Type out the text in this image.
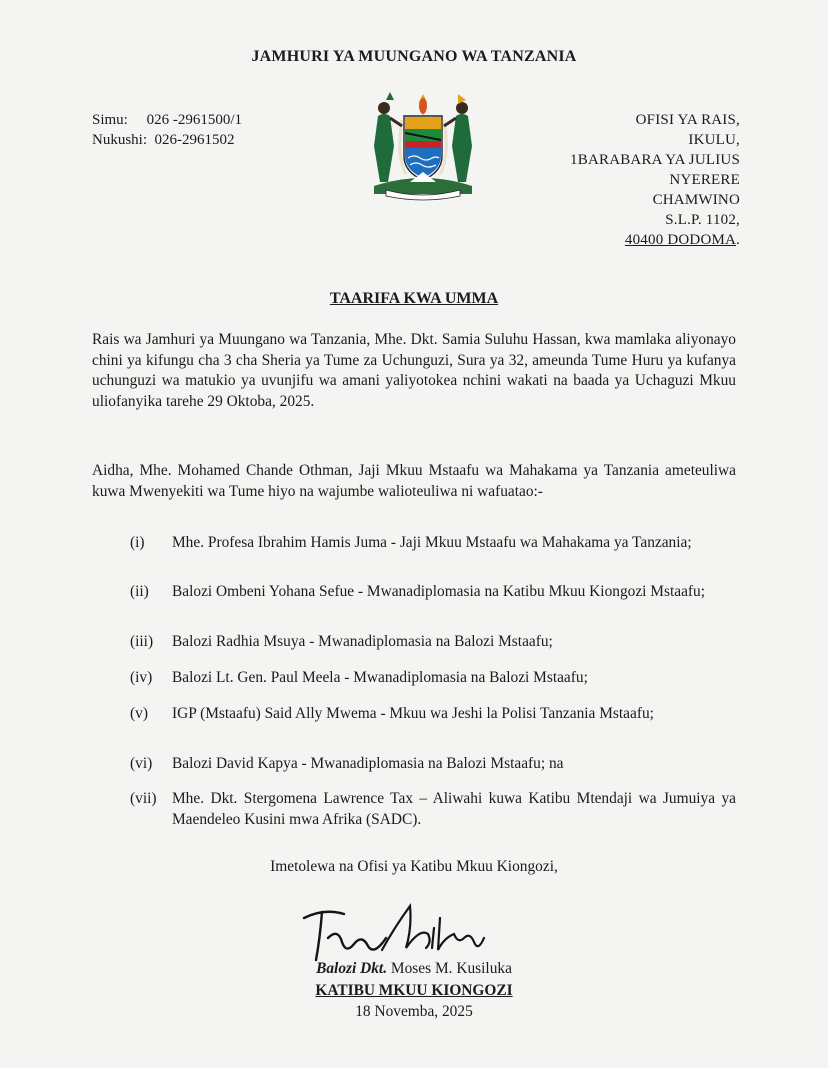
JAMHURI YA MUUNGANO WA TANZANIA
Simu: 026 -2961500/1
Nukushi: 026-2961502
OFISI YA RAIS,
IKULU,
1BARABARA YA JULIUS
NYERERE
CHAMWINO
S.L.P. 1102,
40400 DODOMA.
TAARIFA KWA UMMA
Rais wa Jamhuri ya Muungano wa Tanzania, Mhe. Dkt. Samia Suluhu Hassan, kwa mamlaka aliyonayo chini ya kifungu cha 3 cha Sheria ya Tume za Uchunguzi, Sura ya 32, ameunda Tume Huru ya kufanya uchunguzi wa matukio ya uvunjifu wa amani yaliyotokea nchini wakati na baada ya Uchaguzi Mkuu uliofanyika tarehe 29 Oktoba, 2025.
Aidha, Mhe. Mohamed Chande Othman, Jaji Mkuu Mstaafu wa Mahakama ya Tanzania ameteuliwa kuwa Mwenyekiti wa Tume hiyo na wajumbe walioteuliwa ni wafuatao:-
(i)	Mhe. Profesa Ibrahim Hamis Juma - Jaji Mkuu Mstaafu wa Mahakama ya Tanzania;
(ii)	Balozi Ombeni Yohana Sefue - Mwanadiplomasia na Katibu Mkuu Kiongozi Mstaafu;
(iii)	Balozi Radhia Msuya - Mwanadiplomasia na Balozi Mstaafu;
(iv)	Balozi Lt. Gen. Paul Meela - Mwanadiplomasia na Balozi Mstaafu;
(v)	IGP (Mstaafu) Said Ally Mwema - Mkuu wa Jeshi la Polisi Tanzania Mstaafu;
(vi)	Balozi David Kapya - Mwanadiplomasia na Balozi Mstaafu; na
(vii)	Mhe. Dkt. Stergomena Lawrence Tax – Aliwahi kuwa Katibu Mtendaji wa Jumuiya ya Maendeleo Kusini mwa Afrika (SADC).
Imetolewa na Ofisi ya Katibu Mkuu Kiongozi,
Balozi Dkt. Moses M. Kusiluka
KATIBU MKUU KIONGOZI
18 Novemba, 2025
